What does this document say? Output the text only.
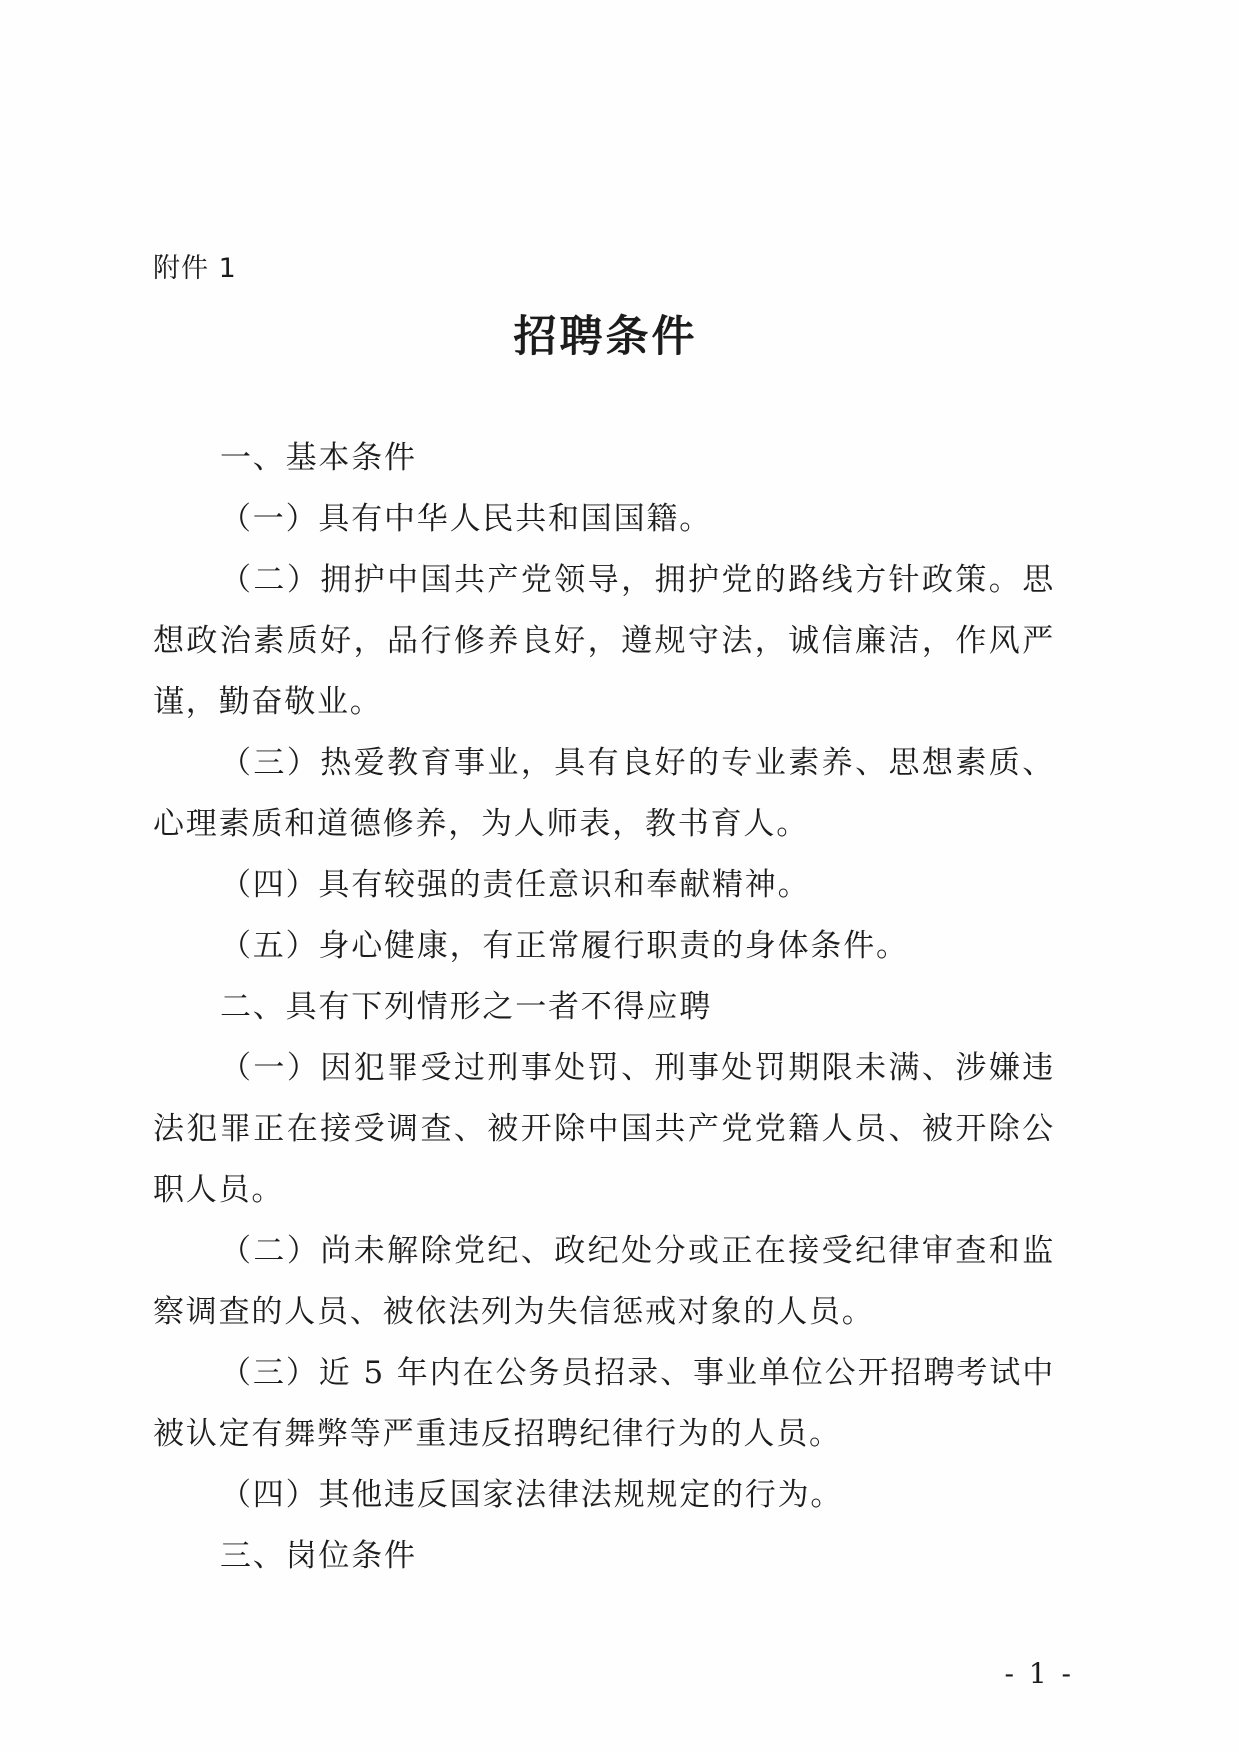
附件 1
招聘条件
一、基本条件
（一）具有中华人民共和国国籍。
（二）拥护中国共产党领导，拥护党的路线方针政策。思
想政治素质好，品行修养良好，遵规守法，诚信廉洁，作风严
谨，勤奋敬业。
（三）热爱教育事业，具有良好的专业素养、思想素质、
心理素质和道德修养，为人师表，教书育人。
（四）具有较强的责任意识和奉献精神。
（五）身心健康，有正常履行职责的身体条件。
二、具有下列情形之一者不得应聘
（一）因犯罪受过刑事处罚、刑事处罚期限未满、涉嫌违
法犯罪正在接受调查、被开除中国共产党党籍人员、被开除公
职人员。
（二）尚未解除党纪、政纪处分或正在接受纪律审查和监
察调查的人员、被依法列为失信惩戒对象的人员。
（三）近 5 年内在公务员招录、事业单位公开招聘考试中
被认定有舞弊等严重违反招聘纪律行为的人员。
（四）其他违反国家法律法规规定的行为。
三、岗位条件
- 1 -
